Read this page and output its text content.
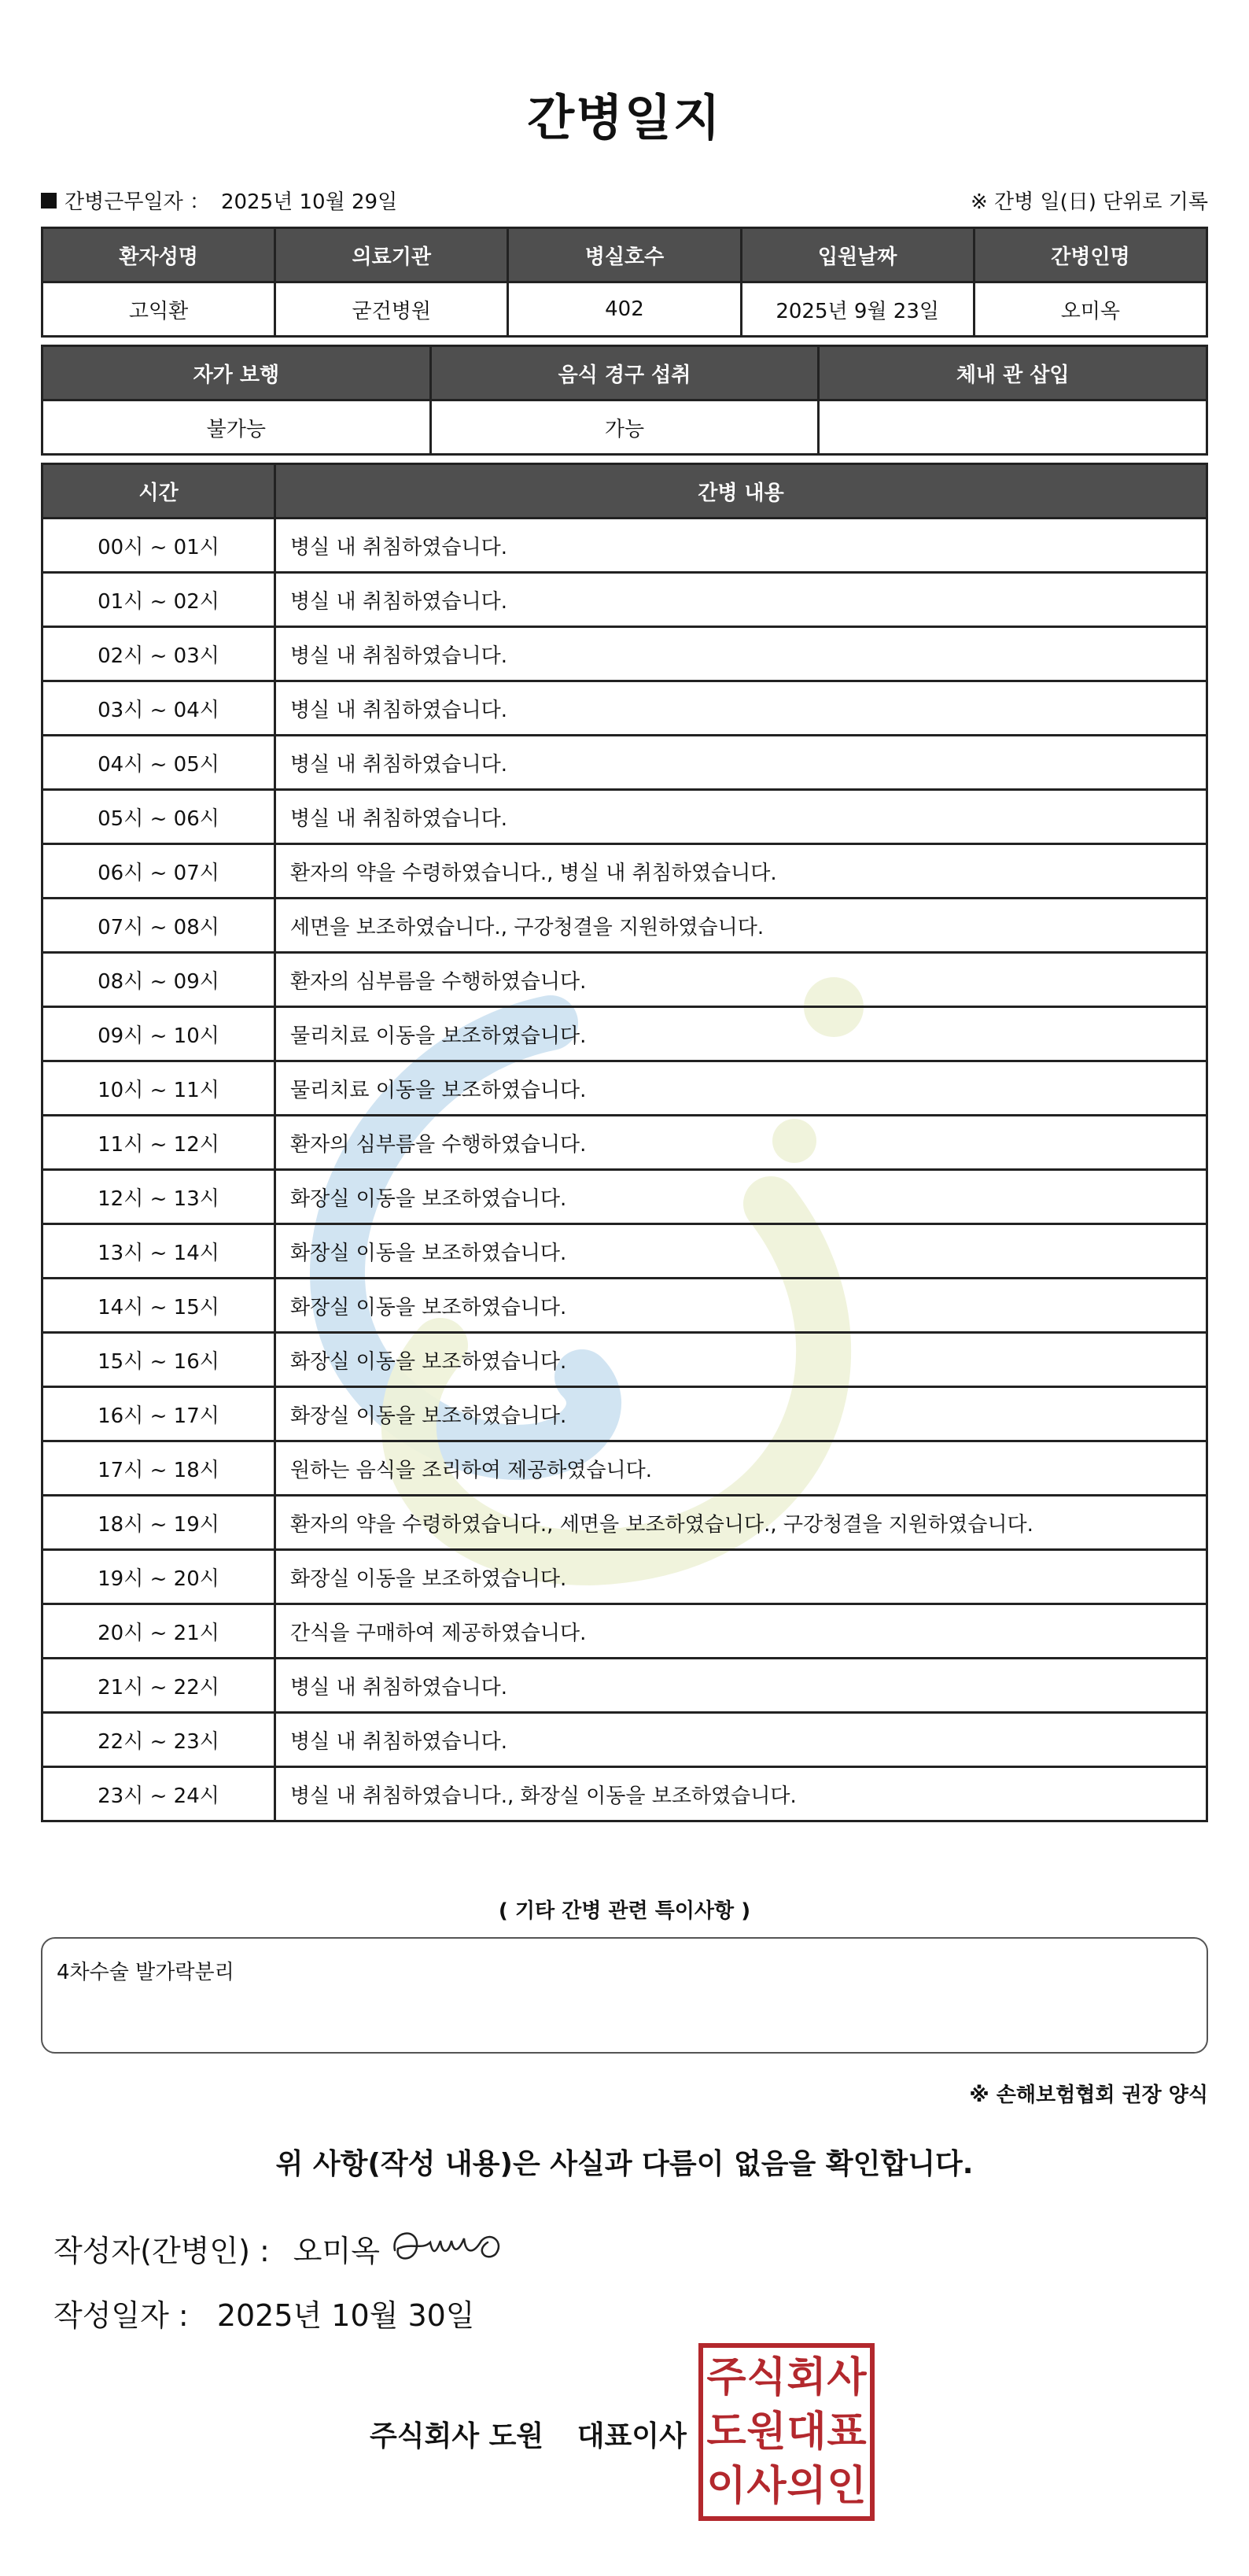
간병일지
간병근무일자 ： 2025년 10월 29일	※ 간병 일(日) 단위로 기록
환자성명	의료기관	병실호수	입원날짜	간병인명
고익환	굳건병원	402	2025년 9월 23일	오미옥
자가 보행	음식 경구 섭취	체내 관 삽입
불가능	가능	
시간	간병 내용
00시 ~ 01시	병실 내 취침하였습니다.
01시 ~ 02시	병실 내 취침하였습니다.
02시 ~ 03시	병실 내 취침하였습니다.
03시 ~ 04시	병실 내 취침하였습니다.
04시 ~ 05시	병실 내 취침하였습니다.
05시 ~ 06시	병실 내 취침하였습니다.
06시 ~ 07시	환자의 약을 수령하였습니다., 병실 내 취침하였습니다.
07시 ~ 08시	세면을 보조하였습니다., 구강청결을 지원하였습니다.
08시 ~ 09시	환자의 심부름을 수행하였습니다.
09시 ~ 10시	물리치료 이동을 보조하였습니다.
10시 ~ 11시	물리치료 이동을 보조하였습니다.
11시 ~ 12시	환자의 심부름을 수행하였습니다.
12시 ~ 13시	화장실 이동을 보조하였습니다.
13시 ~ 14시	화장실 이동을 보조하였습니다.
14시 ~ 15시	화장실 이동을 보조하였습니다.
15시 ~ 16시	화장실 이동을 보조하였습니다.
16시 ~ 17시	화장실 이동을 보조하였습니다.
17시 ~ 18시	원하는 음식을 조리하여 제공하였습니다.
18시 ~ 19시	환자의 약을 수령하였습니다., 세면을 보조하였습니다., 구강청결을 지원하였습니다.
19시 ~ 20시	화장실 이동을 보조하였습니다.
20시 ~ 21시	간식을 구매하여 제공하였습니다.
21시 ~ 22시	병실 내 취침하였습니다.
22시 ~ 23시	병실 내 취침하였습니다.
23시 ~ 24시	병실 내 취침하였습니다., 화장실 이동을 보조하였습니다.
( 기타 간병 관련 특이사항 )
4차수술 발가락분리
※ 손해보험협회 권장 양식
위 사항(작성 내용)은 사실과 다름이 없음을 확인합니다.
작성자(간병인) : 오미옥
작성일자 : 2025년 10월 30일
주식회사 도원 대표이사
주 식 회 사
도 원 대 표
이 사 의 인
